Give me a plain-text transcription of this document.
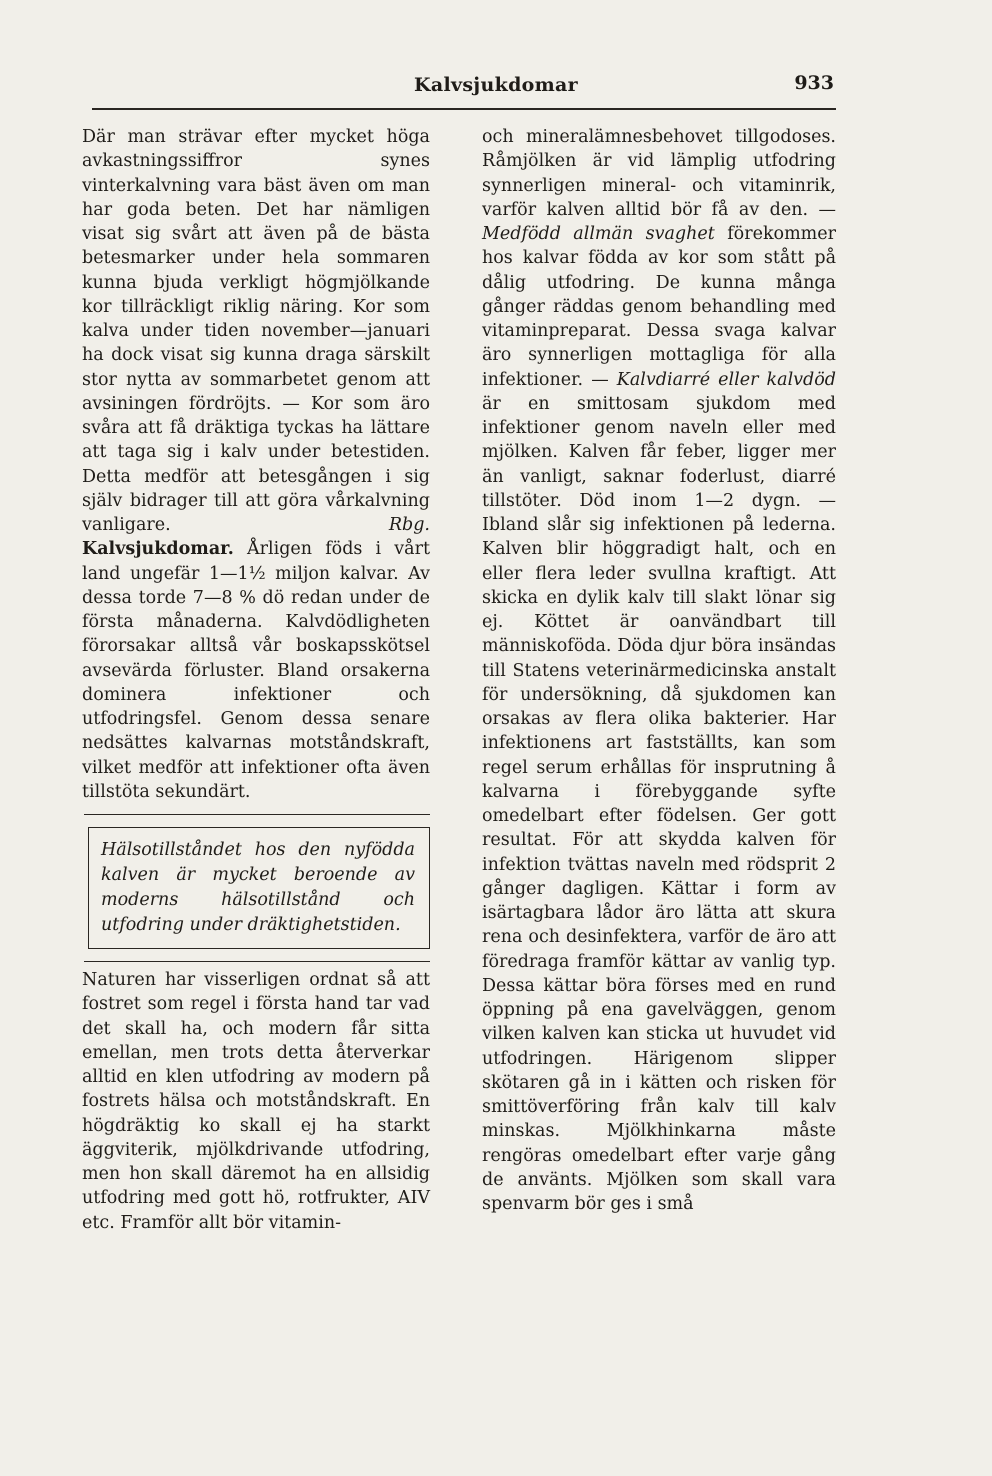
Kalvsjukdomar	933

Där man strävar efter mycket höga avkastningssiffror synes vinterkalvning vara bäst även om man har goda beten. Det har nämligen visat sig svårt att även på de bästa betesmarker under hela sommaren kunna bjuda verkligt högmjölkande kor tillräckligt riklig näring. Kor som kalva under tiden november—januari ha dock visat sig kunna draga särskilt stor nytta av sommarbetet genom att avsiningen fördröjts. — Kor som äro svåra att få dräktiga tyckas ha lättare att taga sig i kalv under betestiden. Detta medför att betesgången i sig själv bidrager till att göra vårkalvning vanligare.	Rbg.

Kalvsjukdomar. Årligen föds i vårt land ungefär 1—1½ miljon kalvar. Av dessa torde 7—8 % dö redan under de första månaderna. Kalvdödligheten förorsakar alltså vår boskapsskötsel avsevärda förluster. Bland orsakerna dominera infektioner och utfodringsfel. Genom dessa senare nedsättes kalvarnas motståndskraft, vilket medför att infektioner ofta även tillstöta sekundärt.

Hälsotillståndet hos den nyfödda kalven är mycket beroende av moderns hälsotillstånd och utfodring under dräktighetstiden.

Naturen har visserligen ordnat så att fostret som regel i första hand tar vad det skall ha, och modern får sitta emellan, men trots detta återverkar alltid en klen utfodring av modern på fostrets hälsa och motståndskraft. En högdräktig ko skall ej ha starkt äggviterik, mjölkdrivande utfodring, men hon skall däremot ha en allsidig utfodring med gott hö, rotfrukter, AIV etc. Framför allt bör vitamin-

och mineralämnesbehovet tillgodoses. Råmjölken är vid lämplig utfodring synnerligen mineral- och vitaminrik, varför kalven alltid bör få av den. — Medfödd allmän svaghet förekommer hos kalvar födda av kor som stått på dålig utfodring. De kunna många gånger räddas genom behandling med vitaminpreparat. Dessa svaga kalvar äro synnerligen mottagliga för alla infektioner. — Kalvdiarré eller kalvdöd är en smittosam sjukdom med infektioner genom naveln eller med mjölken. Kalven får feber, ligger mer än vanligt, saknar foderlust, diarré tillstöter. Död inom 1—2 dygn. — Ibland slår sig infektionen på lederna. Kalven blir höggradigt halt, och en eller flera leder svullna kraftigt. Att skicka en dylik kalv till slakt lönar sig ej. Köttet är oanvändbart till människoföda. Döda djur böra insändas till Statens veterinärmedicinska anstalt för undersökning, då sjukdomen kan orsakas av flera olika bakterier. Har infektionens art fastställts, kan som regel serum erhållas för insprutning å kalvarna i förebyggande syfte omedelbart efter födelsen. Ger gott resultat. För att skydda kalven för infektion tvättas naveln med rödsprit 2 gånger dagligen. Kättar i form av isärtagbara lådor äro lätta att skura rena och desinfektera, varför de äro att föredraga framför kättar av vanlig typ. Dessa kättar böra förses med en rund öppning på ena gavelväggen, genom vilken kalven kan sticka ut huvudet vid utfodringen. Härigenom slipper skötaren gå in i kätten och risken för smittöverföring från kalv till kalv minskas. Mjölkhinkarna måste rengöras omedelbart efter varje gång de använts. Mjölken som skall vara spenvarm bör ges i små
